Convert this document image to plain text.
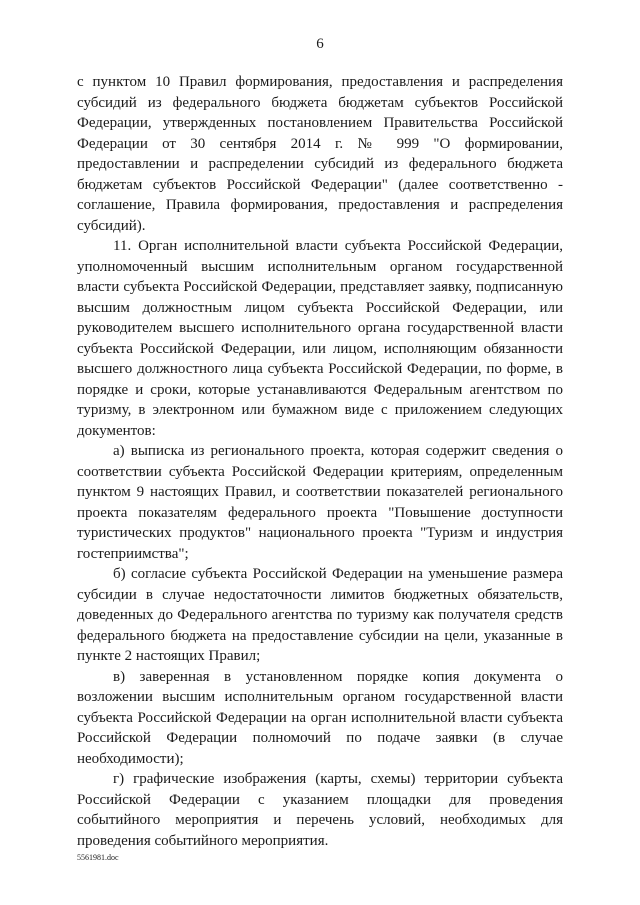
6

с пунктом 10 Правил формирования, предоставления и распределения субсидий из федерального бюджета бюджетам субъектов Российской Федерации, утвержденных постановлением Правительства Российской Федерации от 30 сентября 2014 г. № 999 "О формировании, предоставлении и распределении субсидий из федерального бюджета бюджетам субъектов Российской Федерации" (далее соответственно - соглашение, Правила формирования, предоставления и распределения субсидий).

11. Орган исполнительной власти субъекта Российской Федерации, уполномоченный высшим исполнительным органом государственной власти субъекта Российской Федерации, представляет заявку, подписанную высшим должностным лицом субъекта Российской Федерации, или руководителем высшего исполнительного органа государственной власти субъекта Российской Федерации, или лицом, исполняющим обязанности высшего должностного лица субъекта Российской Федерации, по форме, в порядке и сроки, которые устанавливаются Федеральным агентством по туризму, в электронном или бумажном виде с приложением следующих документов:

а) выписка из регионального проекта, которая содержит сведения о соответствии субъекта Российской Федерации критериям, определенным пунктом 9 настоящих Правил, и соответствии показателей регионального проекта показателям федерального проекта "Повышение доступности туристических продуктов" национального проекта "Туризм и индустрия гостеприимства";

б) согласие субъекта Российской Федерации на уменьшение размера субсидии в случае недостаточности лимитов бюджетных обязательств, доведенных до Федерального агентства по туризму как получателя средств федерального бюджета на предоставление субсидии на цели, указанные в пункте 2 настоящих Правил;

в) заверенная в установленном порядке копия документа о возложении высшим исполнительным органом государственной власти субъекта Российской Федерации на орган исполнительной власти субъекта Российской Федерации полномочий по подаче заявки (в случае необходимости);

г) графические изображения (карты, схемы) территории субъекта Российской Федерации с указанием площадки для проведения событийного мероприятия и перечень условий, необходимых для проведения событийного мероприятия.

5561981.doc
